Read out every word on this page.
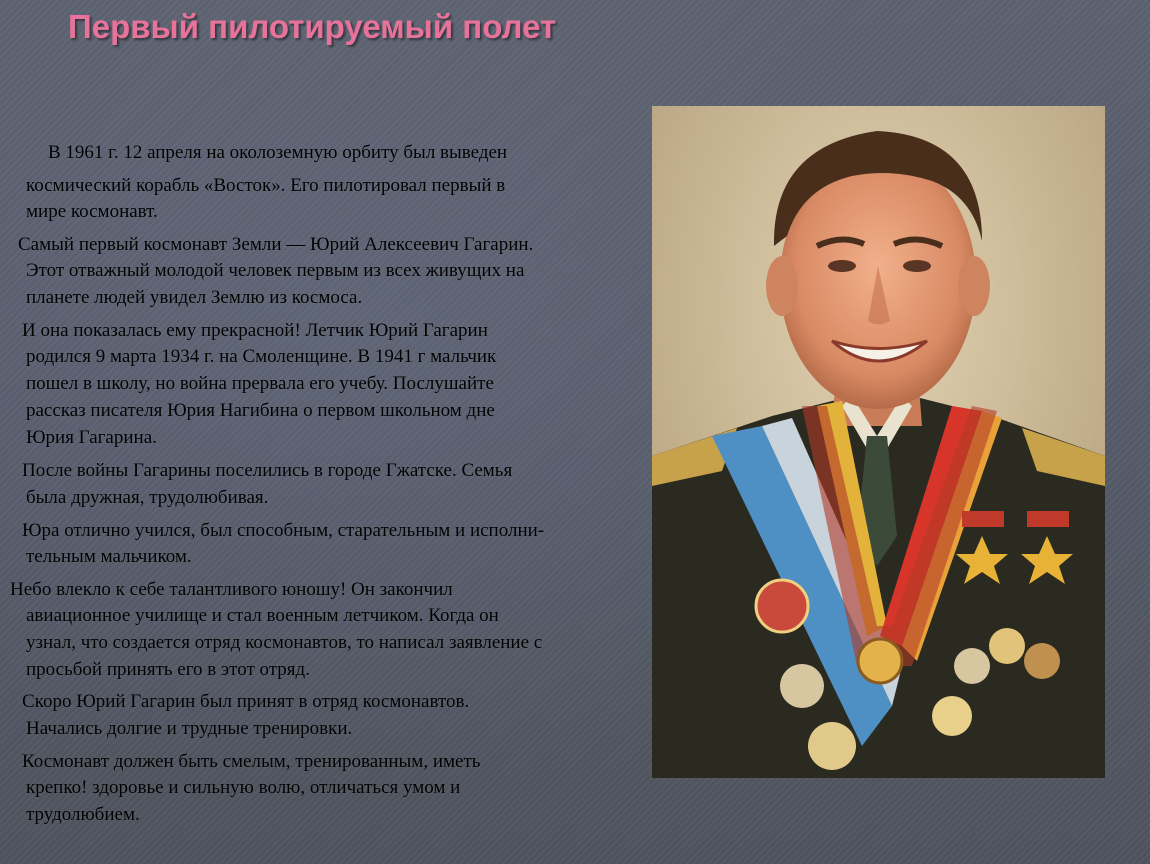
Первый пилотируемый полет
В 1961 г. 12 апреля на околоземную орбиту был выведен
космический корабль «Восток». Его пилотировал первый в
мире космонавт.
Самый первый космонавт Земли — Юрий Алексеевич Гагарин.
Этот отважный молодой человек первым из всех живущих на
планете людей увидел Землю из космоса.
И она показалась ему прекрасной! Летчик Юрий Гагарин
родился 9 марта 1934 г. на Смоленщине. В 1941 г мальчик
пошел в школу, но война прервала его учебу. Послушайте
рассказ писателя Юрия Нагибина о первом школьном дне
Юрия Гагарина.
После войны Гагарины поселились в городе Гжатске. Семья
была дружная, трудолюбивая.
Юра отлично учился, был способным, старательным и исполни-
тельным мальчиком.
Небо влекло к себе талантливого юношу! Он закончил
авиационное училище и стал военным летчиком. Когда он
узнал, что создается отряд космонавтов, то написал заявление с
просьбой принять его в этот отряд.
Скоро Юрий Гагарин был принят в отряд космонавтов.
Начались долгие и трудные тренировки.
Космонавт должен быть смелым, тренированным, иметь
крепко! здоровье и сильную волю, отличаться умом и
трудолюбием.
